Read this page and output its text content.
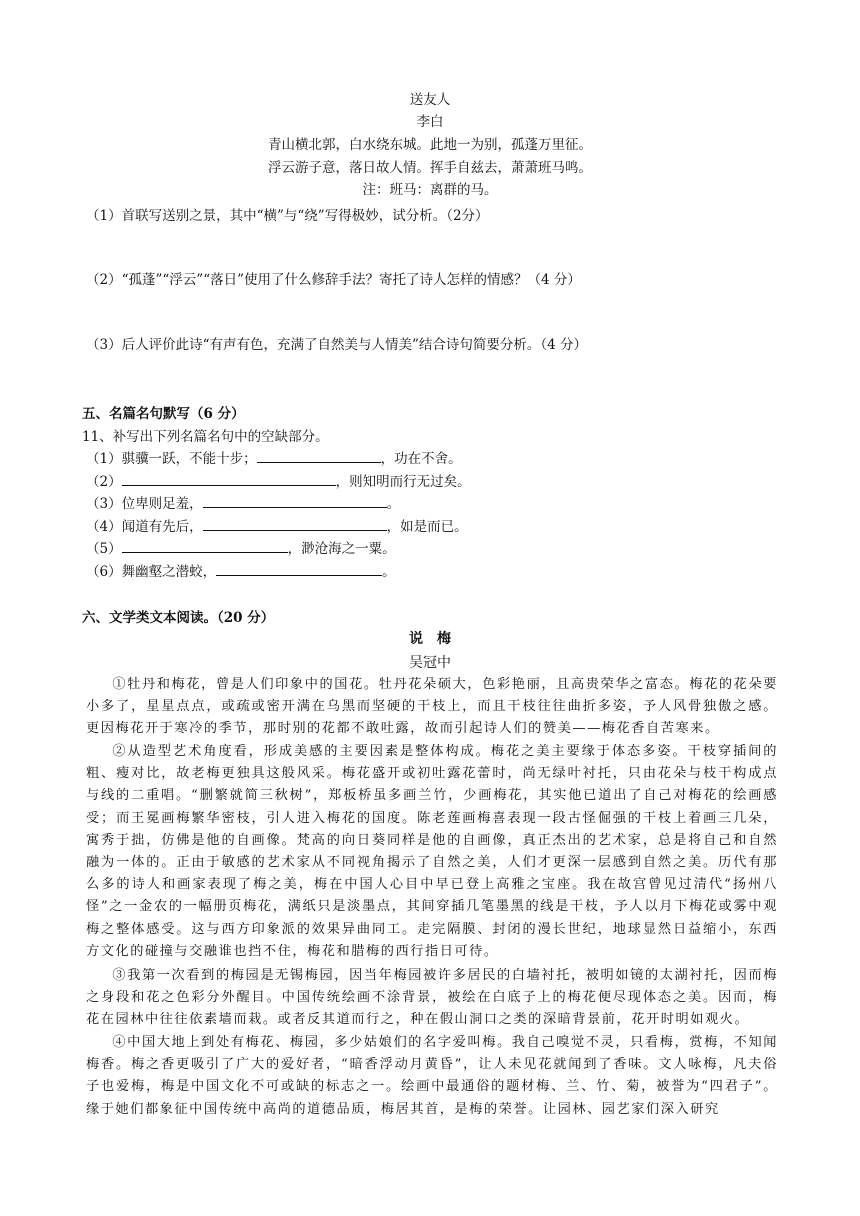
送友人
李白
青山横北郭，白水绕东城。此地一为别，孤蓬万里征。
浮云游子意，落日故人情。挥手自兹去，萧萧班马鸣。
注：班马：离群的马。
（1）首联写送别之景，其中“横”与“绕”写得极妙，试分析。（2分）
（2）“孤蓬”“浮云”“落日”使用了什么修辞手法？寄托了诗人怎样的情感？（4 分）
（3）后人评价此诗“有声有色，充满了自然美与人情美”结合诗句简要分析。（4 分）
五、名篇名句默写（6 分）
11、补写出下列名篇名句中的空缺部分。
（1）骐骥一跃，不能十步；	，功在不舍。
（2）	，则知明而行无过矣。
（3）位卑则足羞，	。
（4）闻道有先后，	，如是而已。
（5）	，渺沧海之一粟。
（6）舞幽壑之潜蛟，	。
六、文学类文本阅读。（20 分）
说　梅
吴冠中
①牡丹和梅花，曾是人们印象中的国花。牡丹花朵硕大，色彩艳丽，且高贵荣华之富态。梅花的花朵要小多了，星星点点，或疏或密开满在乌黑而坚硬的干枝上，而且干枝往往曲折多姿，予人风骨独傲之感。更因梅花开于寒冷的季节，那时别的花都不敢吐露，故而引起诗人们的赞美——梅花香自苦寒来。
②从造型艺术角度看，形成美感的主要因素是整体构成。梅花之美主要缘于体态多姿。干枝穿插间的粗、瘦对比，故老梅更独具这般风采。梅花盛开或初吐露花蕾时，尚无绿叶衬托，只由花朵与枝干构成点与线的二重唱。“删繁就简三秋树”，郑板桥虽多画兰竹，少画梅花，其实他已道出了自己对梅花的绘画感受；而王冕画梅繁华密枝，引人进入梅花的国度。陈老莲画梅喜表现一段古怪倔强的干枝上着画三几朵，寓秀于拙，仿佛是他的自画像。梵高的向日葵同样是他的自画像，真正杰出的艺术家，总是将自己和自然融为一体的。正由于敏感的艺术家从不同视角揭示了自然之美，人们才更深一层感到自然之美。历代有那么多的诗人和画家表现了梅之美，梅在中国人心目中早已登上高雅之宝座。我在故宫曾见过清代“扬州八怪”之一金农的一幅册页梅花，满纸只是淡墨点，其间穿插几笔墨黑的线是干枝，予人以月下梅花或雾中观梅之整体感受。这与西方印象派的效果异曲同工。走完隔膜、封闭的漫长世纪，地球显然日益缩小，东西方文化的碰撞与交融谁也挡不住，梅花和腊梅的西行指日可待。
③我第一次看到的梅园是无锡梅园，因当年梅园被许多居民的白墙衬托，被明如镜的太湖衬托，因而梅之身段和花之色彩分外醒目。中国传统绘画不涂背景，被绘在白底子上的梅花便尽现体态之美。因而，梅花在园林中往往依素墙而栽。或者反其道而行之，种在假山洞口之类的深暗背景前，花开时明如观火。
④中国大地上到处有梅花、梅园，多少姑娘们的名字爱叫梅。我自己嗅觉不灵，只看梅，赏梅，不知闻梅香。梅之香更吸引了广大的爱好者，“暗香浮动月黄昏”，让人未见花就闻到了香味。文人咏梅，凡夫俗子也爱梅，梅是中国文化不可或缺的标志之一。绘画中最通俗的题材梅、兰、竹、菊，被誉为“四君子”。缘于她们都象征中国传统中高尚的道德品质，梅居其首，是梅的荣誉。让园林、园艺家们深入研究
